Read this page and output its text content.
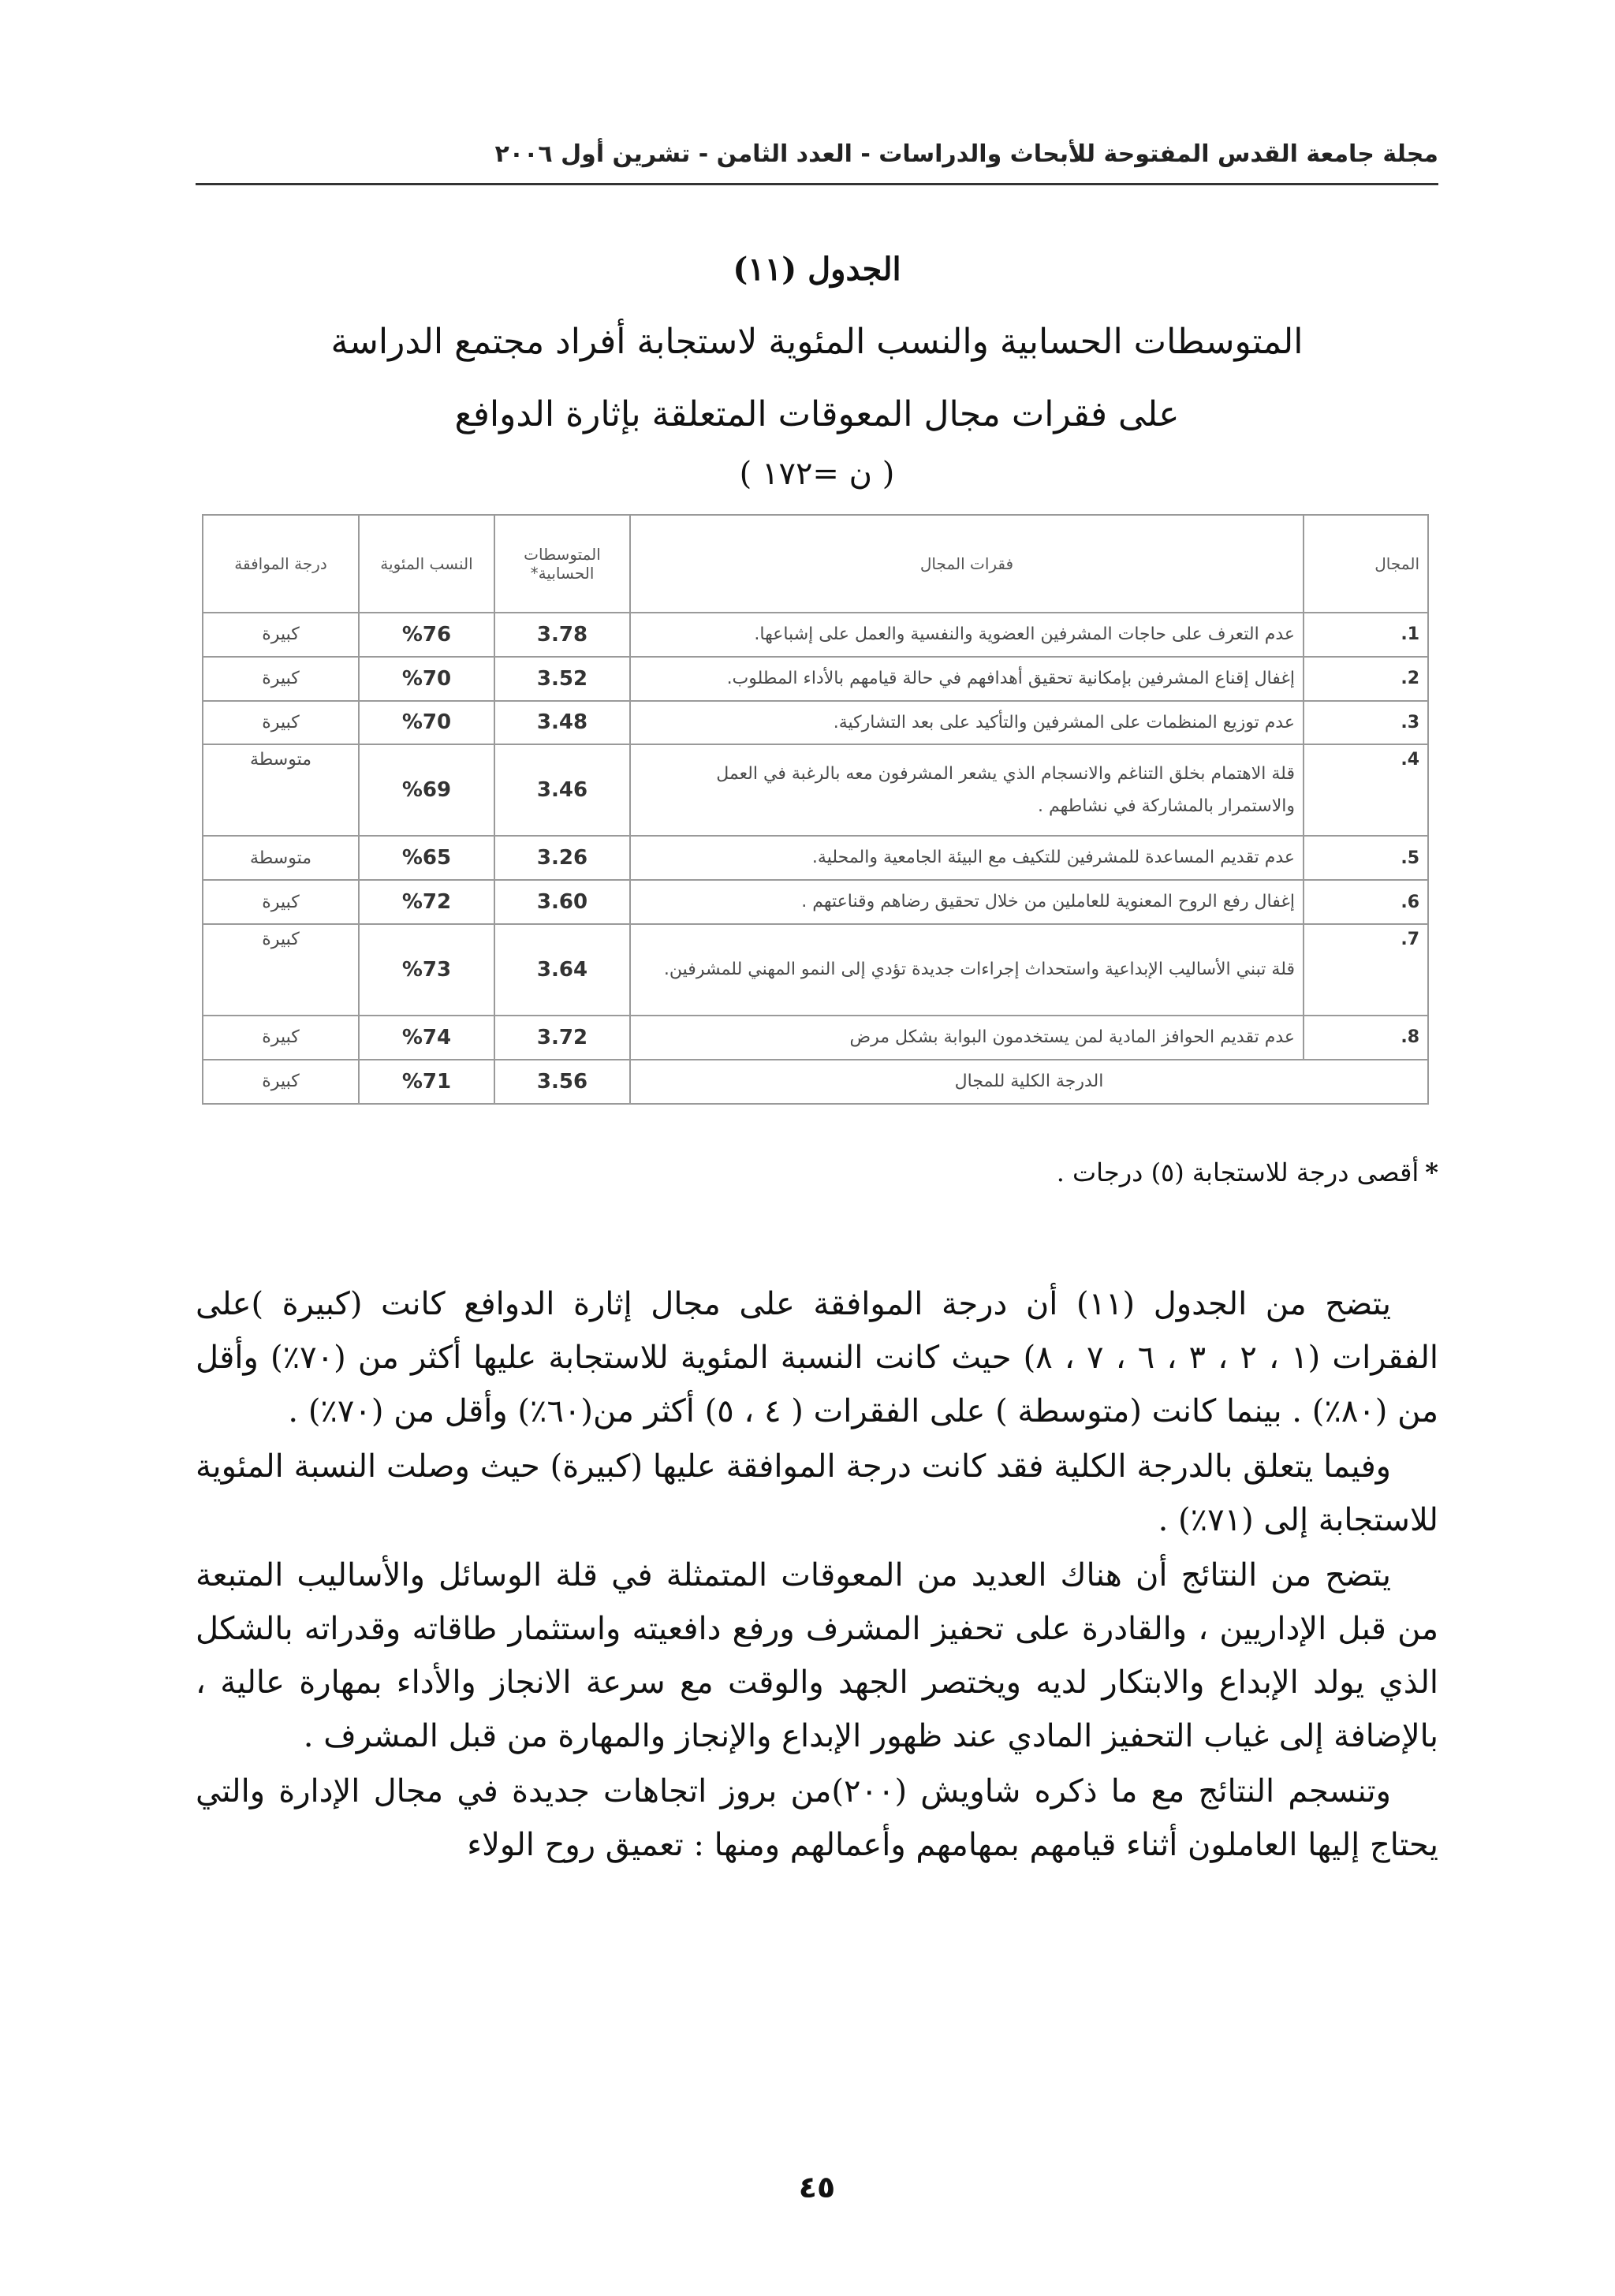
مجلة جامعة القدس المفتوحة للأبحاث والدراسات - العدد الثامن - تشرين أول ٢٠٠٦
الجدول (١١)
المتوسطات الحسابية والنسب المئوية لاستجابة أفراد مجتمع الدراسة
على فقرات مجال المعوقات المتعلقة بإثارة الدوافع
( ن =١٧٢ )
المجال	فقرات المجال	المتوسطات الحسابية*	النسب المئوية	درجة الموافقة
1.	عدم التعرف على حاجات المشرفين العضوية والنفسية والعمل على إشباعها.	3.78	%76	كبيرة
2.	إغفال إقناع المشرفين بإمكانية تحقيق أهدافهم في حالة قيامهم بالأداء المطلوب.	3.52	%70	كبيرة
3.	عدم توزيع المنظمات على المشرفين والتأكيد على بعد التشاركية.	3.48	%70	كبيرة
4.	قلة الاهتمام بخلق التناغم والانسجام الذي يشعر المشرفون معه بالرغبة في العمل والاستمرار بالمشاركة في نشاطهم .	3.46	%69	متوسطة
5.	عدم تقديم المساعدة للمشرفين للتكيف مع البيئة الجامعية والمحلية.	3.26	%65	متوسطة
6.	إغفال رفع الروح المعنوية للعاملين من خلال تحقيق رضاهم وقناعتهم .	3.60	%72	كبيرة
7.	قلة تبني الأساليب الإبداعية واستحداث إجراءات جديدة تؤدي إلى النمو المهني للمشرفين.	3.64	%73	كبيرة
8.	عدم تقديم الحوافز المادية لمن يستخدمون البوابة بشكل مرض	3.72	%74	كبيرة
الدرجة الكلية للمجال		3.56	%71	كبيرة
*أقصى درجة للاستجابة (٥) درجات .

يتضح من الجدول (١١) أن درجة الموافقة على مجال إثارة الدوافع كانت (كبيرة )على الفقرات (١ ، ٢ ، ٣ ، ٦ ، ٧ ، ٨) حيث كانت النسبة المئوية للاستجابة عليها أكثر من (٧٠٪) وأقل من (٨٠٪) . بينما كانت (متوسطة ) على الفقرات ( ٤ ، ٥) أكثر من(٦٠٪) وأقل من (٧٠٪) .

وفيما يتعلق بالدرجة الكلية فقد كانت درجة الموافقة عليها (كبيرة) حيث وصلت النسبة المئوية للاستجابة إلى (٧١٪) .

يتضح من النتائج أن هناك العديد من المعوقات المتمثلة في قلة الوسائل والأساليب المتبعة من قبل الإداريين ، والقادرة على تحفيز المشرف ورفع دافعيته واستثمار طاقاته وقدراته بالشكل الذي يولد الإبداع والابتكار لديه ويختصر الجهد والوقت مع سرعة الانجاز والأداء بمهارة عالية ، بالإضافة إلى غياب التحفيز المادي عند ظهور الإبداع والإنجاز والمهارة من قبل المشرف .

وتنسجم النتائج مع ما ذكره شاويش (٢٠٠)من بروز اتجاهات جديدة في مجال الإدارة والتي يحتاج إليها العاملون أثناء قيامهم بمهامهم وأعمالهم ومنها : تعميق روح الولاء

٤٥
